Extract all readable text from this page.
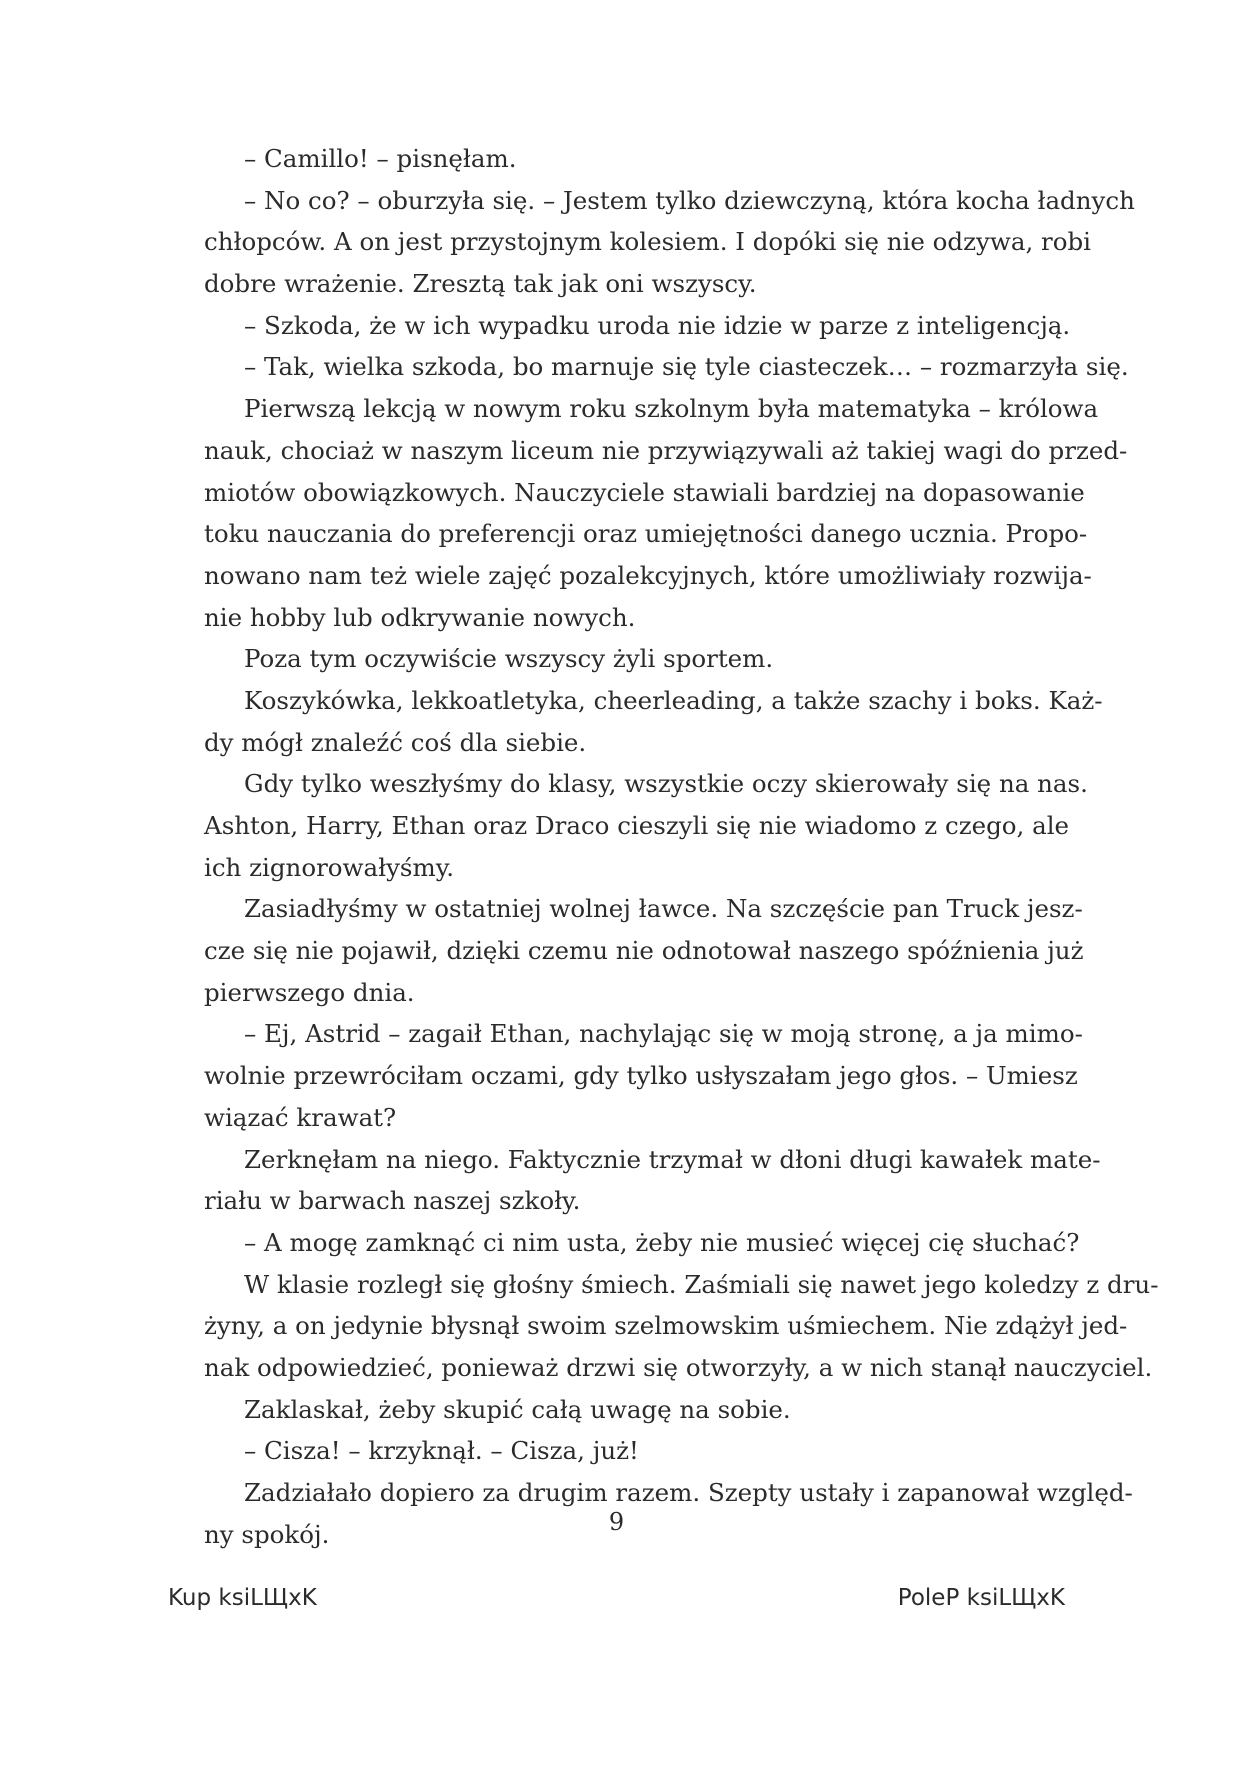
– Camillo! – pisnęłam.
– No co? – oburzyła się. – Jestem tylko dziewczyną, która kocha ładnych
chłopców. A on jest przystojnym kolesiem. I dopóki się nie odzywa, robi
dobre wrażenie. Zresztą tak jak oni wszyscy.
– Szkoda, że w ich wypadku uroda nie idzie w parze z inteligencją.
– Tak, wielka szkoda, bo marnuje się tyle ciasteczek… – rozmarzyła się.
Pierwszą lekcją w nowym roku szkolnym była matematyka – królowa
nauk, chociaż w naszym liceum nie przywiązywali aż takiej wagi do przed-
miotów obowiązkowych. Nauczyciele stawiali bardziej na dopasowanie
toku nauczania do preferencji oraz umiejętności danego ucznia. Propo-
nowano nam też wiele zajęć pozalekcyjnych, które umożliwiały rozwija-
nie hobby lub odkrywanie nowych.
Poza tym oczywiście wszyscy żyli sportem.
Koszykówka, lekkoatletyka, cheerleading, a także szachy i boks. Każ-
dy mógł znaleźć coś dla siebie.
Gdy tylko weszłyśmy do klasy, wszystkie oczy skierowały się na nas.
Ashton, Harry, Ethan oraz Draco cieszyli się nie wiadomo z czego, ale
ich zignorowałyśmy.
Zasiadłyśmy w ostatniej wolnej ławce. Na szczęście pan Truck jesz-
cze się nie pojawił, dzięki czemu nie odnotował naszego spóźnienia już
pierwszego dnia.
– Ej, Astrid – zagaił Ethan, nachylając się w moją stronę, a ja mimo-
wolnie przewróciłam oczami, gdy tylko usłyszałam jego głos. – Umiesz
wiązać krawat?
Zerknęłam na niego. Faktycznie trzymał w dłoni długi kawałek mate-
riału w barwach naszej szkoły.
– A mogę zamknąć ci nim usta, żeby nie musieć więcej cię słuchać?
W klasie rozległ się głośny śmiech. Zaśmiali się nawet jego koledzy z dru-
żyny, a on jedynie błysnął swoim szelmowskim uśmiechem. Nie zdążył jed-
nak odpowiedzieć, ponieważ drzwi się otworzyły, a w nich stanął nauczyciel.
Zaklaskał, żeby skupić całą uwagę na sobie.
– Cisza! – krzyknął. – Cisza, już!
Zadziałało dopiero za drugim razem. Szepty ustały i zapanował względ-
ny spokój.	9
Kup ksiLЩxK	PoleP ksiLЩxK
